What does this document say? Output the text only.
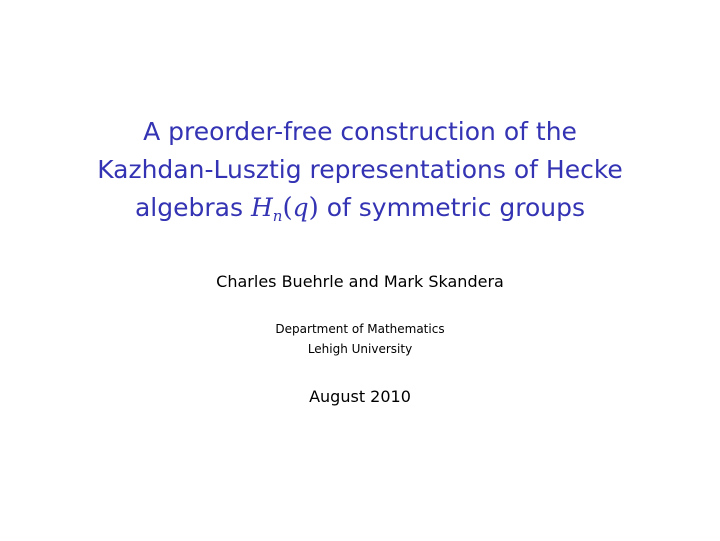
A preorder-free construction of the
Kazhdan-Lusztig representations of Hecke
algebras $H_n(q)$ of symmetric groups
Charles Buehrle and Mark Skandera
Department of Mathematics
Lehigh University
August 2010
